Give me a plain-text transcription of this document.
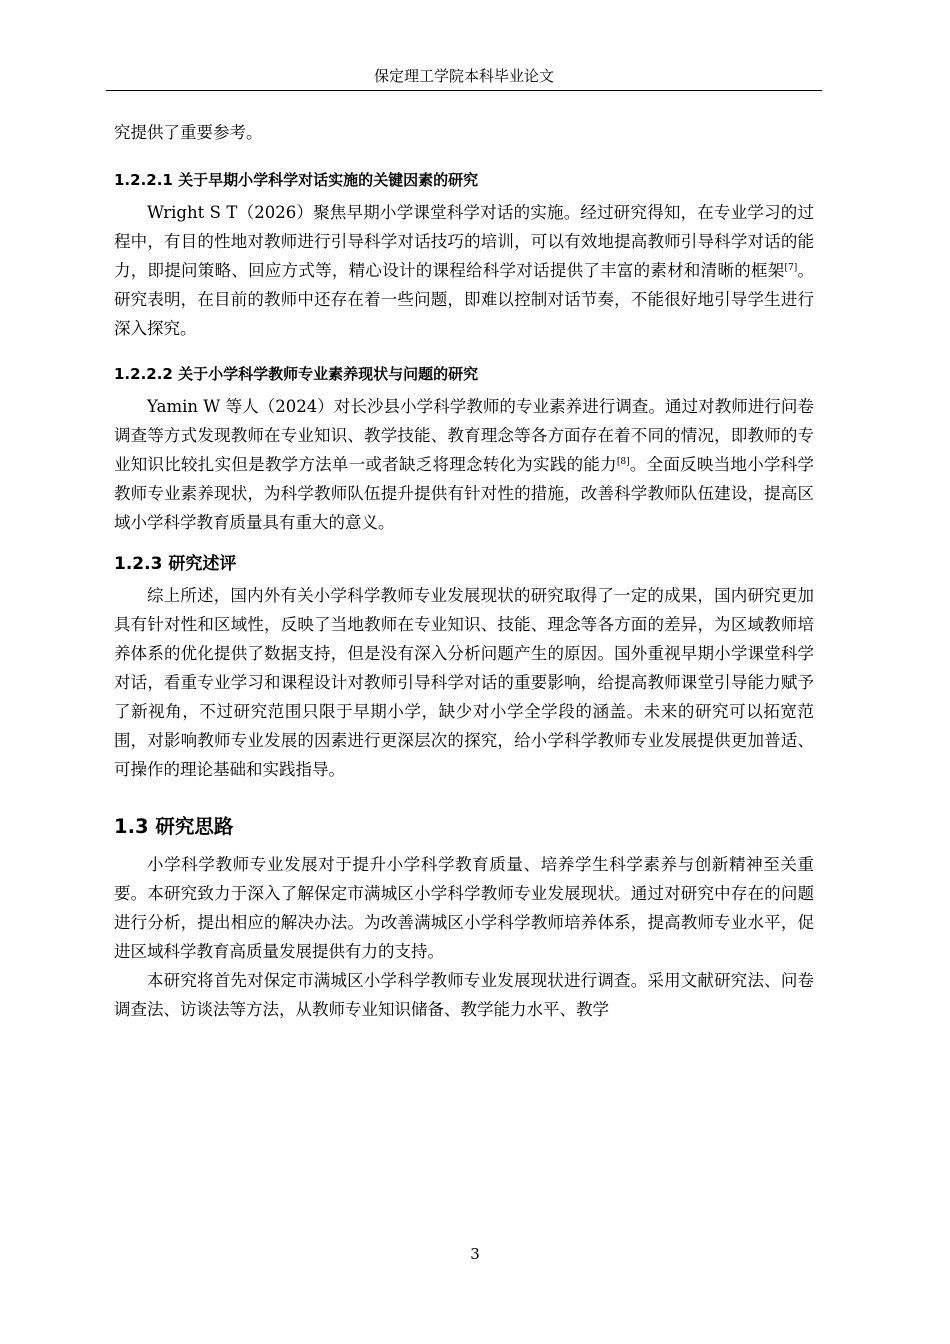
保定理工学院本科毕业论文

究提供了重要参考。

1.2.2.1 关于早期小学科学对话实施的关键因素的研究

Wright S T（2026）聚焦早期小学课堂科学对话的实施。经过研究得知，在专业学习的过程中，有目的性地对教师进行引导科学对话技巧的培训，可以有效地提高教师引导科学对话的能力，即提问策略、回应方式等，精心设计的课程给科学对话提供了丰富的素材和清晰的框架[7]。研究表明，在目前的教师中还存在着一些问题，即难以控制对话节奏，不能很好地引导学生进行深入探究。

1.2.2.2 关于小学科学教师专业素养现状与问题的研究

Yamin W 等人（2024）对长沙县小学科学教师的专业素养进行调查。通过对教师进行问卷调查等方式发现教师在专业知识、教学技能、教育理念等各方面存在着不同的情况，即教师的专业知识比较扎实但是教学方法单一或者缺乏将理念转化为实践的能力[8]。全面反映当地小学科学教师专业素养现状，为科学教师队伍提升提供有针对性的措施，改善科学教师队伍建设，提高区域小学科学教育质量具有重大的意义。

1.2.3 研究述评

综上所述，国内外有关小学科学教师专业发展现状的研究取得了一定的成果，国内研究更加具有针对性和区域性，反映了当地教师在专业知识、技能、理念等各方面的差异，为区域教师培养体系的优化提供了数据支持，但是没有深入分析问题产生的原因。国外重视早期小学课堂科学对话，看重专业学习和课程设计对教师引导科学对话的重要影响，给提高教师课堂引导能力赋予了新视角，不过研究范围只限于早期小学，缺少对小学全学段的涵盖。未来的研究可以拓宽范围，对影响教师专业发展的因素进行更深层次的探究，给小学科学教师专业发展提供更加普适、可操作的理论基础和实践指导。

1.3 研究思路

小学科学教师专业发展对于提升小学科学教育质量、培养学生科学素养与创新精神至关重要。本研究致力于深入了解保定市满城区小学科学教师专业发展现状。通过对研究中存在的问题进行分析，提出相应的解决办法。为改善满城区小学科学教师培养体系，提高教师专业水平，促进区域科学教育高质量发展提供有力的支持。

本研究将首先对保定市满城区小学科学教师专业发展现状进行调查。采用文献研究法、问卷调查法、访谈法等方法，从教师专业知识储备、教学能力水平、教学

3
